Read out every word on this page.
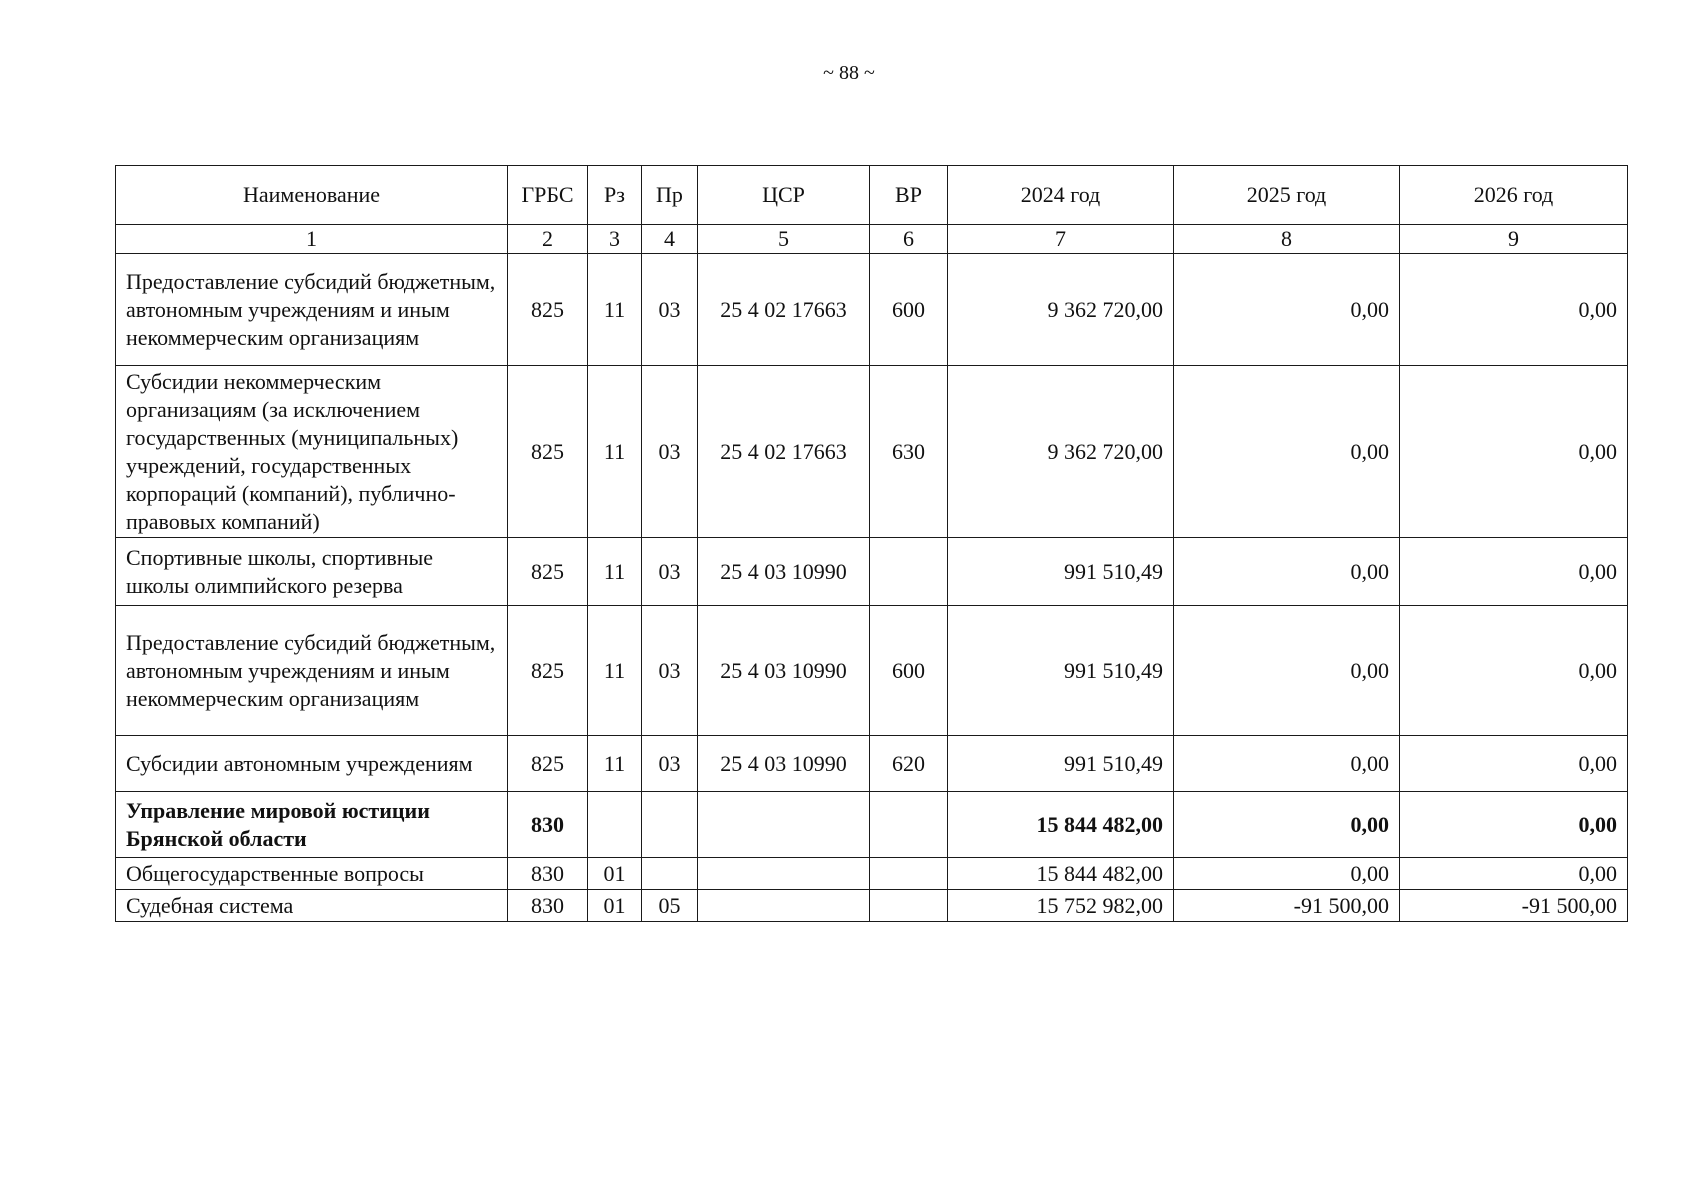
~ 88 ~
Наименование	ГРБС	Рз	Пр	ЦСР	ВР	2024 год	2025 год	2026 год
1	2	3	4	5	6	7	8	9
Предоставление субсидий бюджетным, автономным учреждениям и иным некоммерческим организациям	825	11	03	25 4 02 17663	600	9 362 720,00	0,00	0,00
Субсидии некоммерческим организациям (за исключением государственных (муниципальных) учреждений, государственных корпораций (компаний), публично-правовых компаний)	825	11	03	25 4 02 17663	630	9 362 720,00	0,00	0,00
Спортивные школы, спортивные школы олимпийского резерва	825	11	03	25 4 03 10990		991 510,49	0,00	0,00
Предоставление субсидий бюджетным, автономным учреждениям и иным некоммерческим организациям	825	11	03	25 4 03 10990	600	991 510,49	0,00	0,00
Субсидии автономным учреждениям	825	11	03	25 4 03 10990	620	991 510,49	0,00	0,00
Управление мировой юстиции Брянской области	830					15 844 482,00	0,00	0,00
Общегосударственные вопросы	830	01				15 844 482,00	0,00	0,00
Судебная система	830	01	05			15 752 982,00	-91 500,00	-91 500,00
